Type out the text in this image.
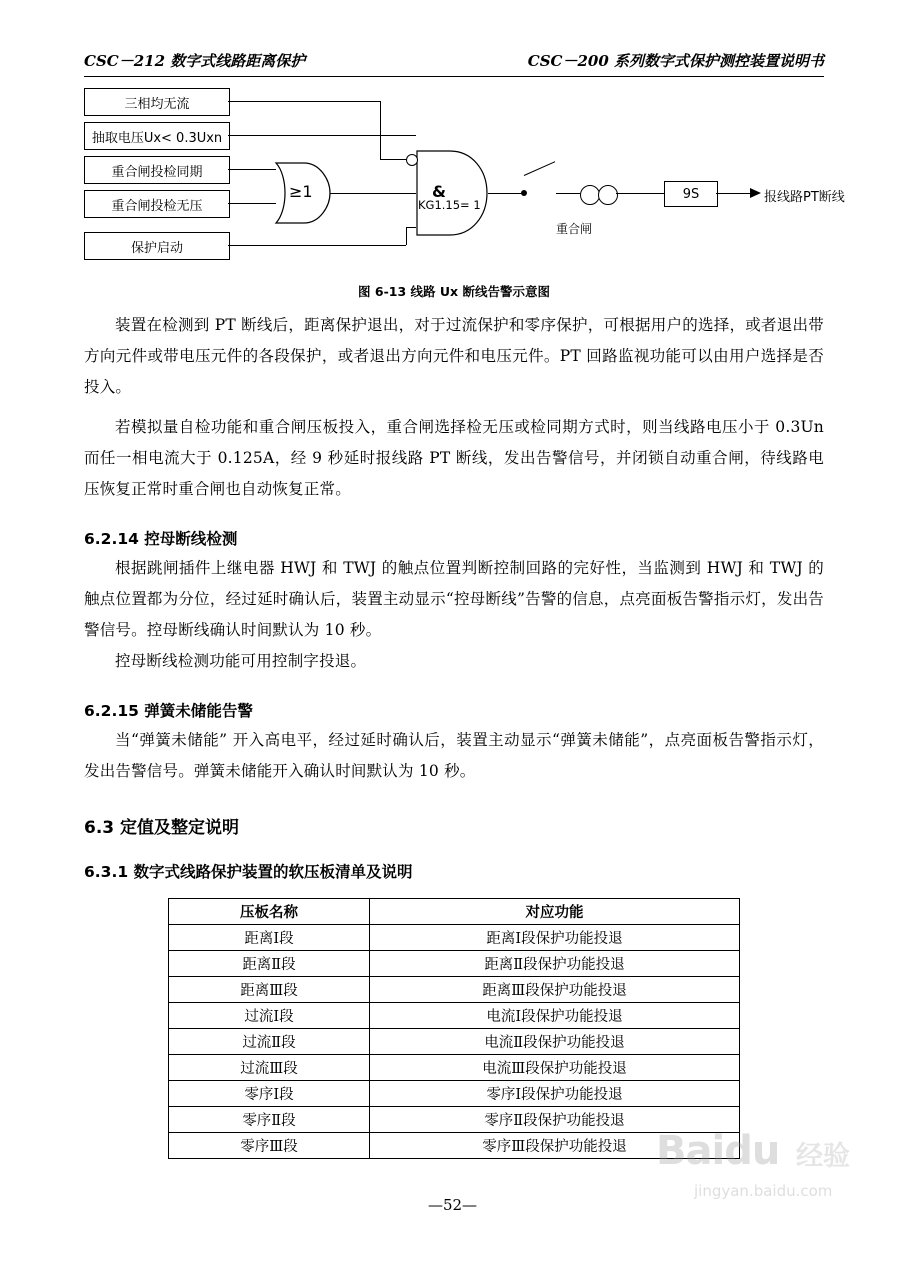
CSC－212 数字式线路距离保护	CSC－200 系列数字式保护测控装置说明书
三相均无流
抽取电压Ux< 0.3Uxn
重合闸投检同期
重合闸投检无压
保护启动
≥1	&
KG1.15= 1
重合闸
9S	报线路PT断线
图 6-13 线路 Ux 断线告警示意图

装置在检测到 PT 断线后，距离保护退出，对于过流保护和零序保护，可根据用户的选择，或者退出带方向元件或带电压元件的各段保护，或者退出方向元件和电压元件。PT 回路监视功能可以由用户选择是否投入。

若模拟量自检功能和重合闸压板投入，重合闸选择检无压或检同期方式时，则当线路电压小于 0.3Un 而任一相电流大于 0.125A，经 9 秒延时报线路 PT 断线，发出告警信号，并闭锁自动重合闸，待线路电压恢复正常时重合闸也自动恢复正常。

6.2.14 控母断线检测

根据跳闸插件上继电器 HWJ 和 TWJ 的触点位置判断控制回路的完好性，当监测到 HWJ 和 TWJ 的触点位置都为分位，经过延时确认后，装置主动显示“控母断线”告警的信息，点亮面板告警指示灯，发出告警信号。控母断线确认时间默认为 10 秒。

控母断线检测功能可用控制字投退。

6.2.15 弹簧未储能告警

当“弹簧未储能” 开入高电平，经过延时确认后，装置主动显示“弹簧未储能”，点亮面板告警指示灯，发出告警信号。弹簧未储能开入确认时间默认为 10 秒。

6.3 定值及整定说明
6.3.1 数字式线路保护装置的软压板清单及说明
压板名称	对应功能
距离Ⅰ段	距离Ⅰ段保护功能投退
距离Ⅱ段	距离Ⅱ段保护功能投退
距离Ⅲ段	距离Ⅲ段保护功能投退
过流Ⅰ段	电流Ⅰ段保护功能投退
过流Ⅱ段	电流Ⅱ段保护功能投退
过流Ⅲ段	电流Ⅲ段保护功能投退
零序Ⅰ段	零序Ⅰ段保护功能投退
零序Ⅱ段	零序Ⅱ段保护功能投退
零序Ⅲ段	零序Ⅲ段保护功能投退
—52—
Baidu 经验
jingyan.baidu.com
